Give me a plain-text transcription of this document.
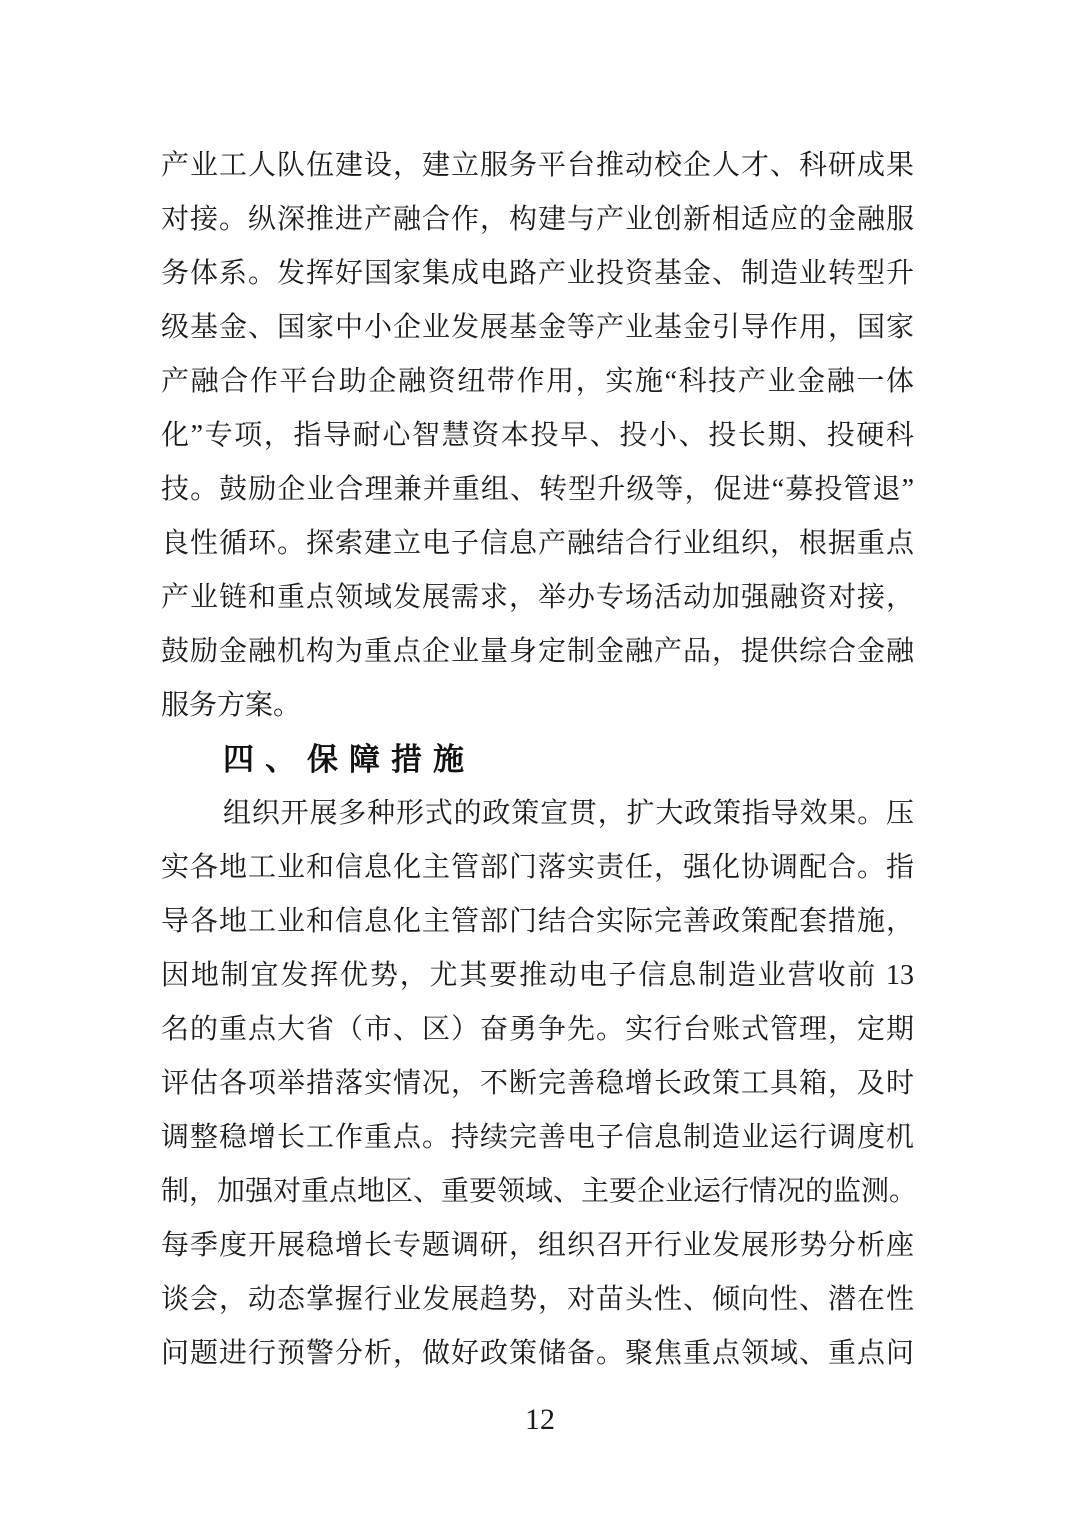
产业工人队伍建设，建立服务平台推动校企人才、科研成果
对接。纵深推进产融合作，构建与产业创新相适应的金融服
务体系。发挥好国家集成电路产业投资基金、制造业转型升
级基金、国家中小企业发展基金等产业基金引导作用，国家
产融合作平台助企融资纽带作用，实施“科技产业金融一体
化”专项，指导耐心智慧资本投早、投小、投长期、投硬科
技。鼓励企业合理兼并重组、转型升级等，促进“募投管退”
良性循环。探索建立电子信息产融结合行业组织，根据重点
产业链和重点领域发展需求，举办专场活动加强融资对接，
鼓励金融机构为重点企业量身定制金融产品，提供综合金融
服务方案。
四、保障措施
组织开展多种形式的政策宣贯，扩大政策指导效果。压
实各地工业和信息化主管部门落实责任，强化协调配合。指
导各地工业和信息化主管部门结合实际完善政策配套措施，
因地制宜发挥优势，尤其要推动电子信息制造业营收前 13
名的重点大省（市、区）奋勇争先。实行台账式管理，定期
评估各项举措落实情况，不断完善稳增长政策工具箱，及时
调整稳增长工作重点。持续完善电子信息制造业运行调度机
制，加强对重点地区、重要领域、主要企业运行情况的监测。
每季度开展稳增长专题调研，组织召开行业发展形势分析座
谈会，动态掌握行业发展趋势，对苗头性、倾向性、潜在性
问题进行预警分析，做好政策储备。聚焦重点领域、重点问
12
